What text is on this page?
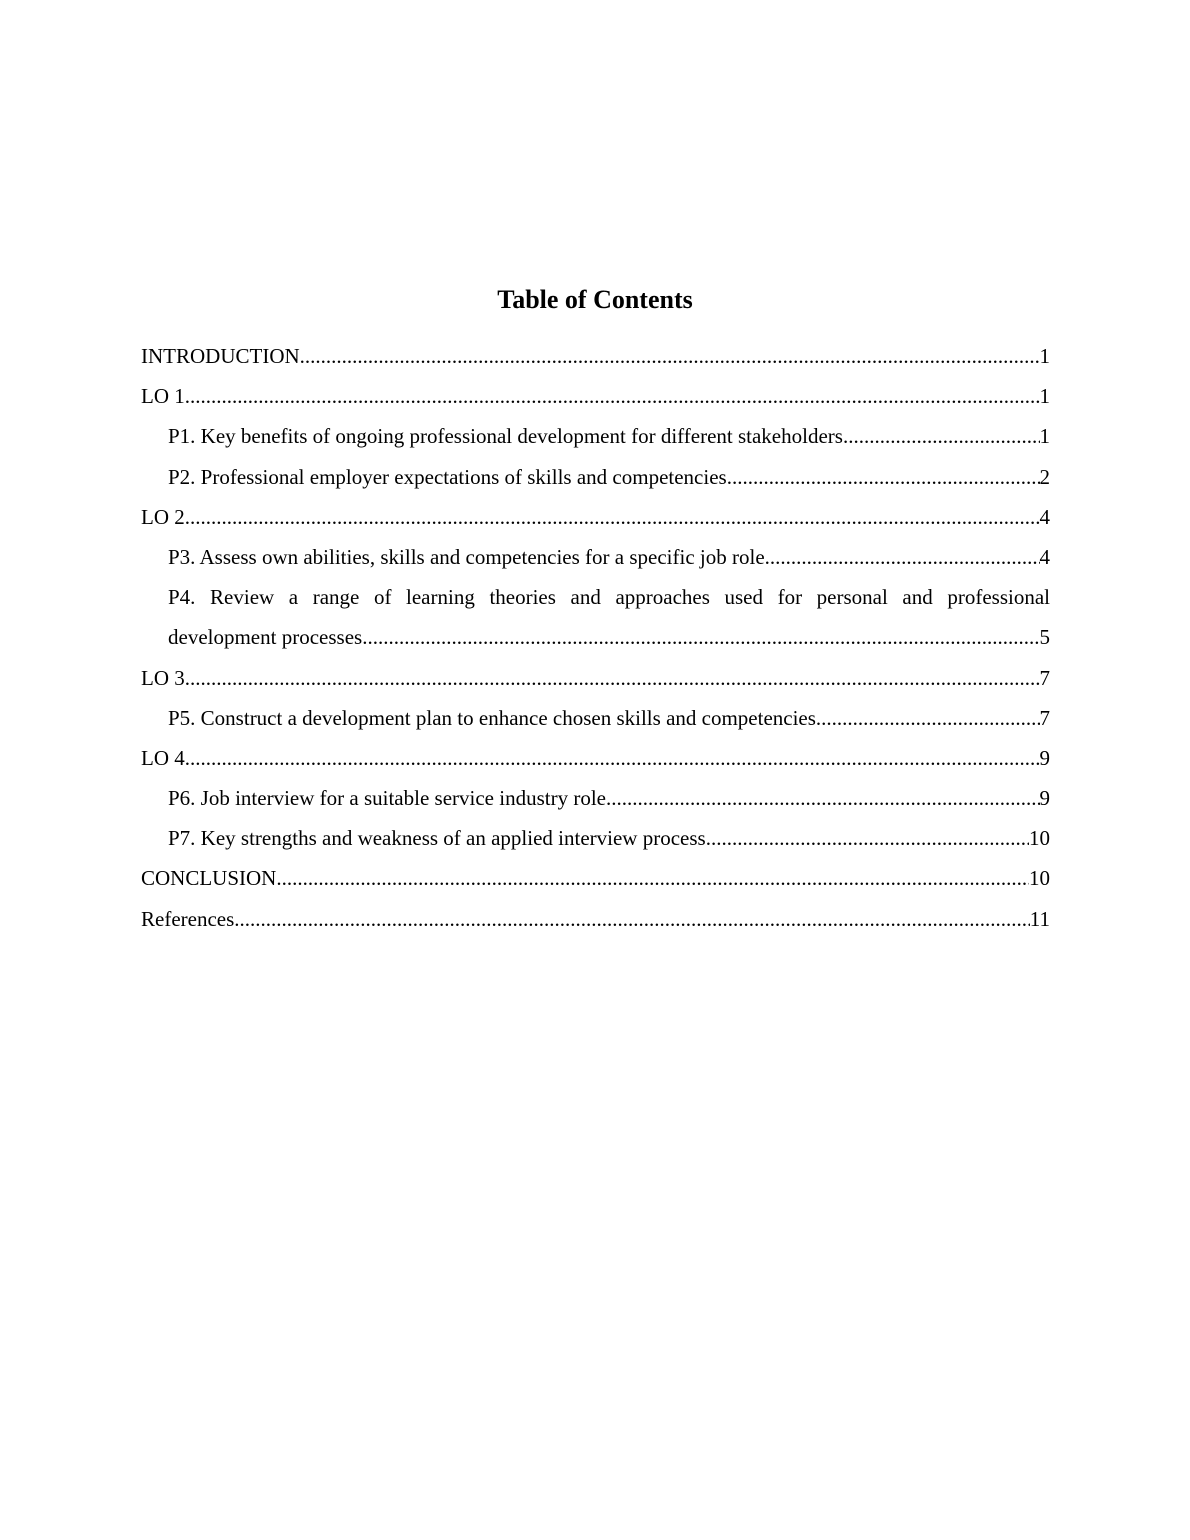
Table of Contents
INTRODUCTION .....	1
LO 1 .....	1
P1. Key benefits of ongoing professional development for different stakeholders .....	1
P2. Professional employer expectations of skills and competencies .....	2
LO 2 .....	4
P3. Assess own abilities, skills and competencies for a specific job role .....	4
P4. Review a range of learning theories and approaches used for personal and professional
development processes .....	5
LO 3 .....	7
P5. Construct a development plan to enhance chosen skills and competencies .....	7
LO 4 .....	9
P6. Job interview for a suitable service industry role .....	9
P7. Key strengths and weakness of an applied interview process .....	10
CONCLUSION .....	10
References .....	11
